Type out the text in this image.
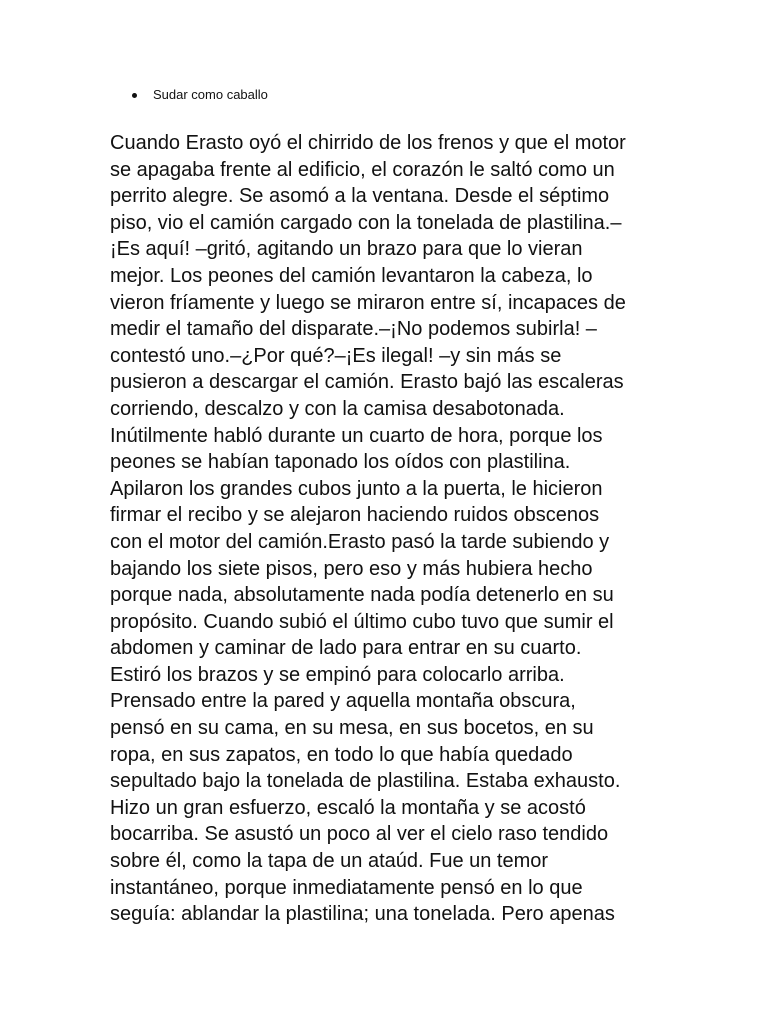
Sudar como caballo
Cuando Erasto oyó el chirrido de los frenos y que el motor
se apagaba frente al edificio, el corazón le saltó como un
perrito alegre. Se asomó a la ventana. Desde el séptimo
piso, vio el camión cargado con la tonelada de plastilina.–
¡Es aquí! –gritó, agitando un brazo para que lo vieran
mejor. Los peones del camión levantaron la cabeza, lo
vieron fríamente y luego se miraron entre sí, incapaces de
medir el tamaño del disparate.–¡No podemos subirla! –
contestó uno.–¿Por qué?–¡Es ilegal! –y sin más se
pusieron a descargar el camión. Erasto bajó las escaleras
corriendo, descalzo y con la camisa desabotonada.
Inútilmente habló durante un cuarto de hora, porque los
peones se habían taponado los oídos con plastilina.
Apilaron los grandes cubos junto a la puerta, le hicieron
firmar el recibo y se alejaron haciendo ruidos obscenos
con el motor del camión.Erasto pasó la tarde subiendo y
bajando los siete pisos, pero eso y más hubiera hecho
porque nada, absolutamente nada podía detenerlo en su
propósito. Cuando subió el último cubo tuvo que sumir el
abdomen y caminar de lado para entrar en su cuarto.
Estiró los brazos y se empinó para colocarlo arriba.
Prensado entre la pared y aquella montaña obscura,
pensó en su cama, en su mesa, en sus bocetos, en su
ropa, en sus zapatos, en todo lo que había quedado
sepultado bajo la tonelada de plastilina. Estaba exhausto.
Hizo un gran esfuerzo, escaló la montaña y se acostó
bocarriba. Se asustó un poco al ver el cielo raso tendido
sobre él, como la tapa de un ataúd. Fue un temor
instantáneo, porque inmediatamente pensó en lo que
seguía: ablandar la plastilina; una tonelada. Pero apenas
